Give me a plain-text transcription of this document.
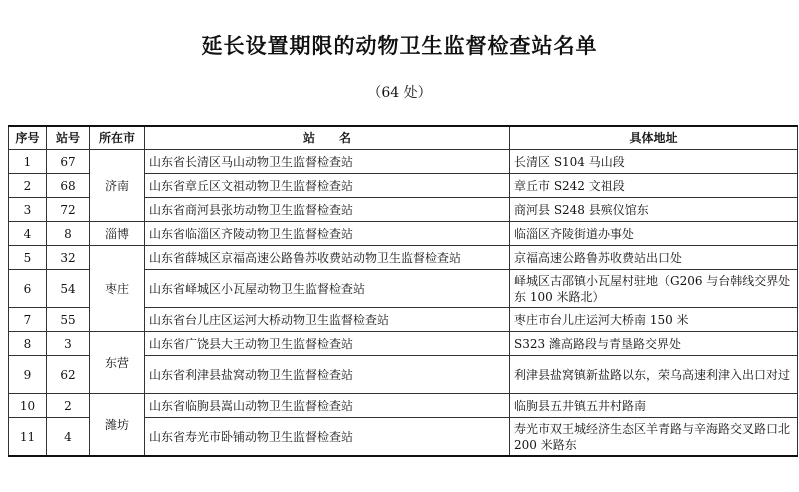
延长设置期限的动物卫生监督检查站名单
（64 处）
序号	站号	所在市	站　　名	具体地址
1	67	济南	山东省长清区马山动物卫生监督检查站	长清区 S104 马山段
2	68		山东省章丘区文祖动物卫生监督检查站	章丘市 S242 文祖段
3	72		山东省商河县张坊动物卫生监督检查站	商河县 S248 县殡仪馆东
4	8	淄博	山东省临淄区齐陵动物卫生监督检查站	临淄区齐陵街道办事处
5	32	枣庄	山东省薛城区京福高速公路鲁苏收费站动物卫生监督检查站	京福高速公路鲁苏收费站出口处
6	54		山东省峄城区小瓦屋动物卫生监督检查站	峄城区古邵镇小瓦屋村驻地（G206 与台韩线交界处东 100 米路北）
7	55		山东省台儿庄区运河大桥动物卫生监督检查站	枣庄市台儿庄运河大桥南 150 米
8	3	东营	山东省广饶县大王动物卫生监督检查站	S323 潍高路段与青垦路交界处
9	62		山东省利津县盐窝动物卫生监督检查站	利津县盐窝镇新盐路以东，荣乌高速利津入出口对过
10	2	潍坊	山东省临朐县嵩山动物卫生监督检查站	临朐县五井镇五井村路南
11	4		山东省寿光市卧铺动物卫生监督检查站	寿光市双王城经济生态区羊青路与辛海路交叉路口北 200 米路东
